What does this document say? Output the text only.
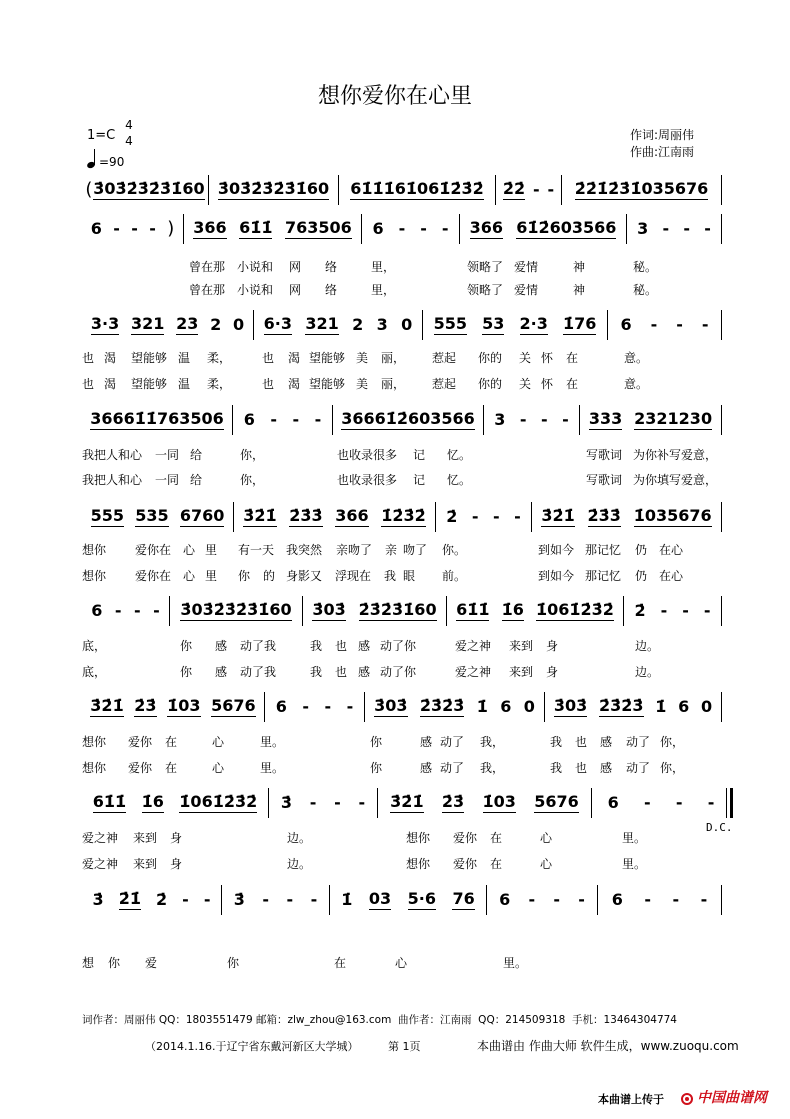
想你爱你在心里
1=C
4
4
=90
作词:周丽伟
作曲:江南雨
( 3̇03̇2̇3̇2̇3̇1̇60 3̇03̇2̇3̇2̇3̇1̇60 61̇1̇1̇61̇061̇2̇3̇2̇ 2̇2̇ - - 2̇2̇1̇2̇3̇1̇035676
6 - - - ) 366 61̇1̇ 763506 6 - - - 366 61̇2̇603566 3 - - -
曾在那 小说和 网 络	里，	领略了 爱情	神	秘。
曾在那 小说和 网 络	里，	领略了 爱情	神	秘。
3·3 321 23 2 0 6·3 321 2 3 0 555 53 2·3 1̇76 6 - - -
也 渴 望能够 温 柔，	也 渴 望能够 美 丽， 惹起 你的 关 怀 在	意。
也 渴 望能够 温 柔，	也 渴 望能够 美 丽， 惹起 你的 关 怀 在	意。
36661̇1̇763506 6 - - - 36661̇2̇603566 3 - - - 333 2321230
我把人和心 一同 给	你，	也收录很多 记 忆。	写歌词 为你补写爱意，
我把人和心 一同 给	你，	也收录很多 记 忆。	写歌词 为你填写爱意，
555 535 6760 3̇2̇1̇ 2̇3̇3̇ 366 1̇2̇3̇2̇ 2̇ - - - 3̇2̇1̇ 2̇3̇3̇ 1̇035676
想你 爱你在 心 里 有一天 我突然 亲吻了 亲 吻了 你。	到如今 那记忆 仍 在心
想你 爱你在 心 里 你 的 身影又 浮现在 我 眼 前。	到如今 那记忆 仍 在心
6 - - - 3̇03̇2̇3̇2̇3̇1̇60 3̇03̇ 2̇3̇2̇3̇1̇60 61̇1̇ 1̇6 1̇061̇2̇3̇2̇ 2̇ - - -
底，	你 感 动了我	我 也 感 动了你	爱之神 来到 身	边。
底，	你 感 动了我	我 也 感 动了你	爱之神 来到 身	边。
3̇2̇1̇ 2̇3̇ 1̇03 5676 6 - - - 3̇03̇ 2̇3̇2̇3̇ 1̇ 6 0 3̇03̇ 2̇3̇2̇3̇ 1̇ 6 0
想你 爱你 在	心	里。	你	感 动了 我，	我 也 感 动了 你，
想你 爱你 在	心	里。	你	感 动了 我，	我 也 感 动了 你，
61̇1̇ 1̇6 1̇061̇2̇3̇2̇ 3̇ - - - 3̇2̇1̇ 2̇3̇ 1̇03 5676 6 - - -
爱之神 来到 身	边。	想你 爱你 在	心	里。
爱之神 来到 身	边。	想你 爱你 在	心	里。
3̇ 2̇1̇ 2̇ - - 3̇ - - - 1̇ 03 5·6 76 6 - - - 6 - - -
想 你 爱	你	在	心	里。
D.C.
词作者：周丽伟 QQ：1803551479 邮箱：zlw_zhou@163.com  曲作者：江南雨  QQ：214509318  手机：13464304774
（2014.1.16.于辽宁省东戴河新区大学城）	第 1页	本曲谱由 作曲大师 软件生成，www.zuoqu.com
本曲谱上传于 中国曲谱网
